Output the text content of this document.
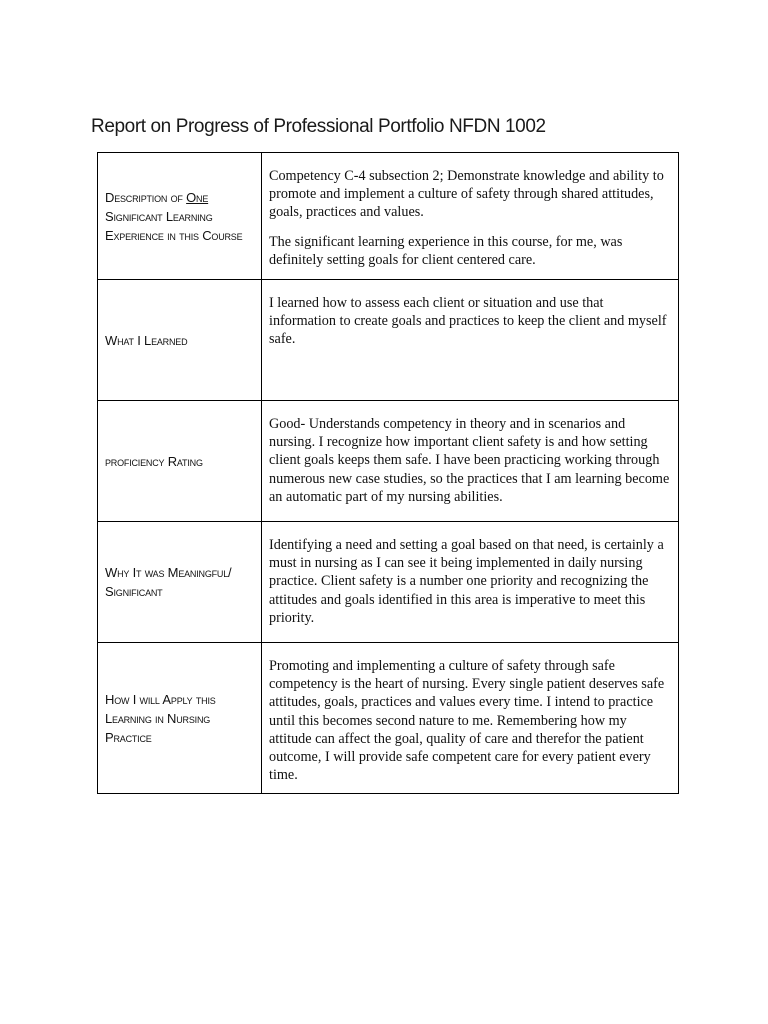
Report on Progress of Professional Portfolio NFDN 1002
Description of One Significant Learning Experience in this Course	Competency C-4 subsection 2; Demonstrate knowledge and ability to promote and implement a culture of safety through shared attitudes, goals, practices and values.

The significant learning experience in this course, for me, was definitely setting goals for client centered care.

What I Learned	I learned how to assess each client or situation and use that information to create goals and practices to keep the client and myself safe.

proficiency Rating	Good- Understands competency in theory and in scenarios and nursing. I recognize how important client safety is and how setting client goals keeps them safe. I have been practicing working through numerous new case studies, so the practices that I am learning become an automatic part of my nursing abilities.

Why It was Meaningful/ Significant	Identifying a need and setting a goal based on that need, is certainly a must in nursing as I can see it being implemented in daily nursing practice. Client safety is a number one priority and recognizing the attitudes and goals identified in this area is imperative to meet this priority.

How I will Apply this Learning in Nursing Practice	Promoting and implementing a culture of safety through safe competency is the heart of nursing. Every single patient deserves safe attitudes, goals, practices and values every time. I intend to practice until this becomes second nature to me. Remembering how my attitude can affect the goal, quality of care and therefor the patient outcome, I will provide safe competent care for every patient every time.
